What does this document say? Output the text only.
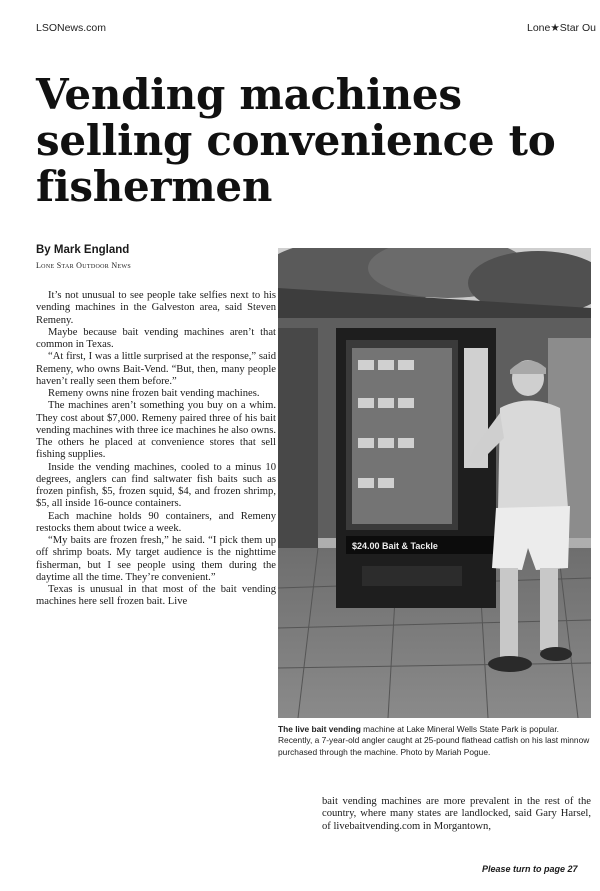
LSONews.com	Lone★Star Ou
Vending machines selling convenience to fishermen
By Mark England
Lone Star Outdoor News

It’s not unusual to see people take selfies next to his vending machines in the Galveston area, said Steven Remeny.

Maybe because bait vending machines aren’t that common in Texas.

“At first, I was a little surprised at the response,” said Remeny, who owns Bait-Vend. “But, then, many people haven’t really seen them before.”

Remeny owns nine frozen bait vending machines.

The machines aren’t something you buy on a whim. They cost about $7,000. Remeny paired three of his bait vending machines with three ice machines he also owns. The others he placed at convenience stores that sell fishing supplies.

Inside the vending machines, cooled to a minus 10 degrees, anglers can find saltwater fish baits such as frozen pinfish, $5, frozen squid, $4, and frozen shrimp, $5, all inside 16-ounce containers.

Each machine holds 90 containers, and Remeny restocks them about twice a week.

“My baits are frozen fresh,” he said. “I pick them up off shrimp boats. My target audience is the nighttime fisherman, but I see people using them during the daytime all the time. They’re convenient.”

Texas is unusual in that most of the bait vending machines here sell frozen bait. Live

$24.00 Bait & Tackle
The live bait vending machine at Lake Mineral Wells State Park is popular. Recently, a 7-year-old angler caught at 25-pound flathead catfish on his last minnow purchased through the machine. Photo by Mariah Pogue.

bait vending machines are more prevalent in the rest of the country, where many states are landlocked, said Gary Harsel, of livebaitvending.com in Morgantown,

Please turn to page 27
